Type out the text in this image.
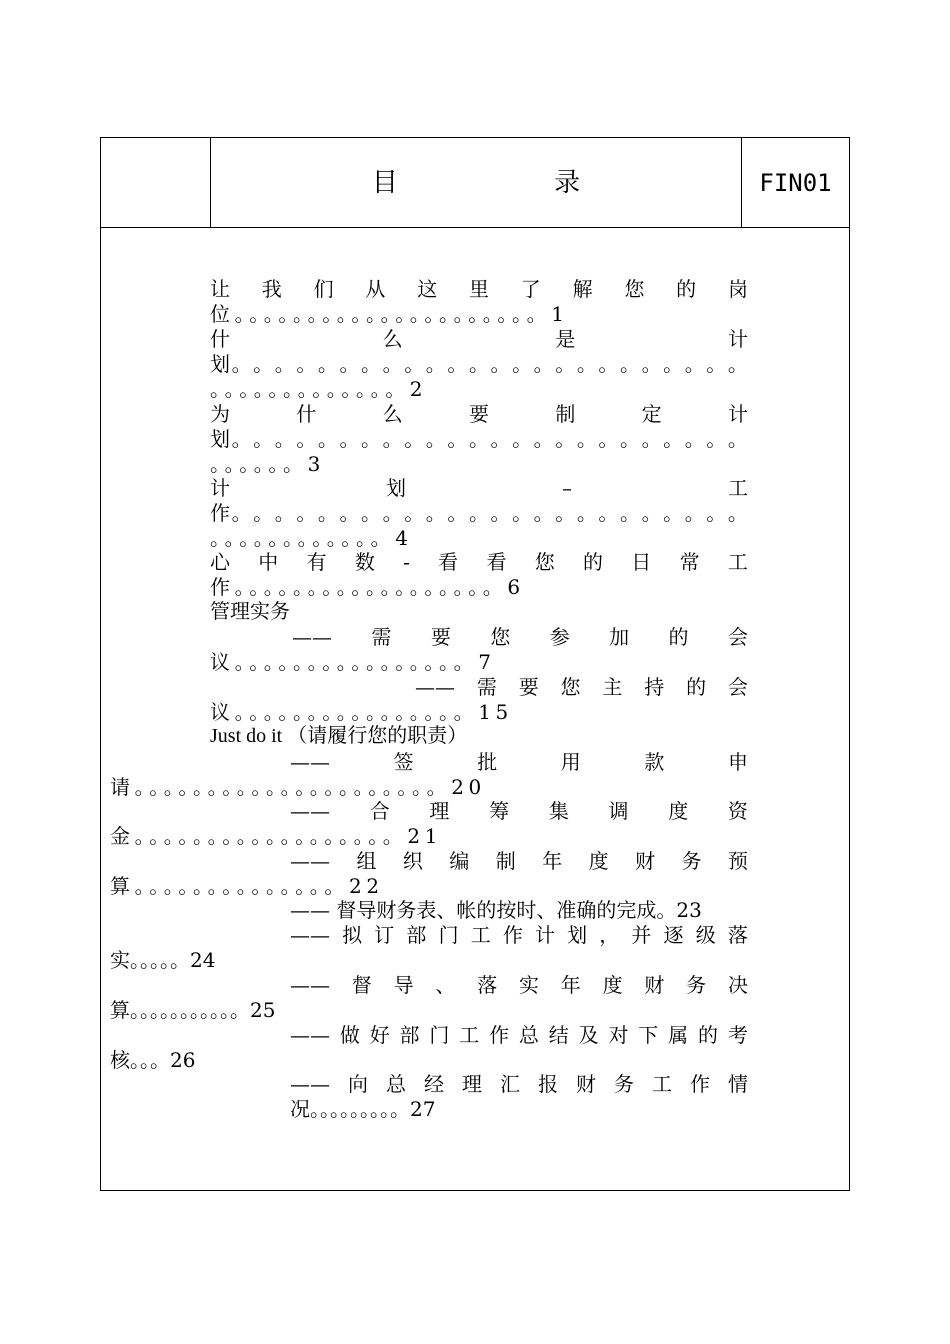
目 录	FIN01
让 我 们 从 这 里 了 解 您 的 岗
位。。。。。。。。。。。。。。。。。。。。。1
什	么	是	计
划 。 。 。 。 。 。 。 。 。 。 。 。 。 。 。 。 。 。 。 。 。 。 。 。
。。。。。。。。。。。。。2
为	什	么	要	制	定	计
划 。 。 。 。 。 。 。 。 。 。 。 。 。 。 。 。 。 。 。 。 。 。 。 。
。。。。。。3
计	划	–	工
作 。 。 。 。 。 。 。 。 。 。 。 。 。 。 。 。 。 。 。 。 。 。 。 。
。。。。。。。。。。。。4
心 中 有 数 - 看 看 您 的 日 常 工
作。。。。。。。。。。。。。。。。。。6
管理实务
—— 需 要 您 参 加 的 会
议。。。。。。。。。。。。。。。。7
—— 需 要 您 主 持 的 会
议。。。。。。。。。。。。。。。。15
Just do it （请履行您的职责）
——	签	批	用	款	申
请。。。。。。。。。。。。。。。。。。。。。20
—— 合 理 筹 集 调 度 资
金。。。。。。。。。。。。。。。。。。21
—— 组 织 编 制 年 度 财 务 预
算。。。。。。。。。。。。。。22
—— 督导财务表、帐的按时、准确的完成。23
—— 拟 订 部 门 工 作 计 划 ， 并 逐 级 落
实。。。。。24
—— 督 导 、 落 实 年 度 财 务 决
算。。。。。。。。。。。25
—— 做 好 部 门 工 作 总 结 及 对 下 属 的 考
核。。。26
—— 向 总 经 理 汇 报 财 务 工 作 情
况。。。。。。。。。27
